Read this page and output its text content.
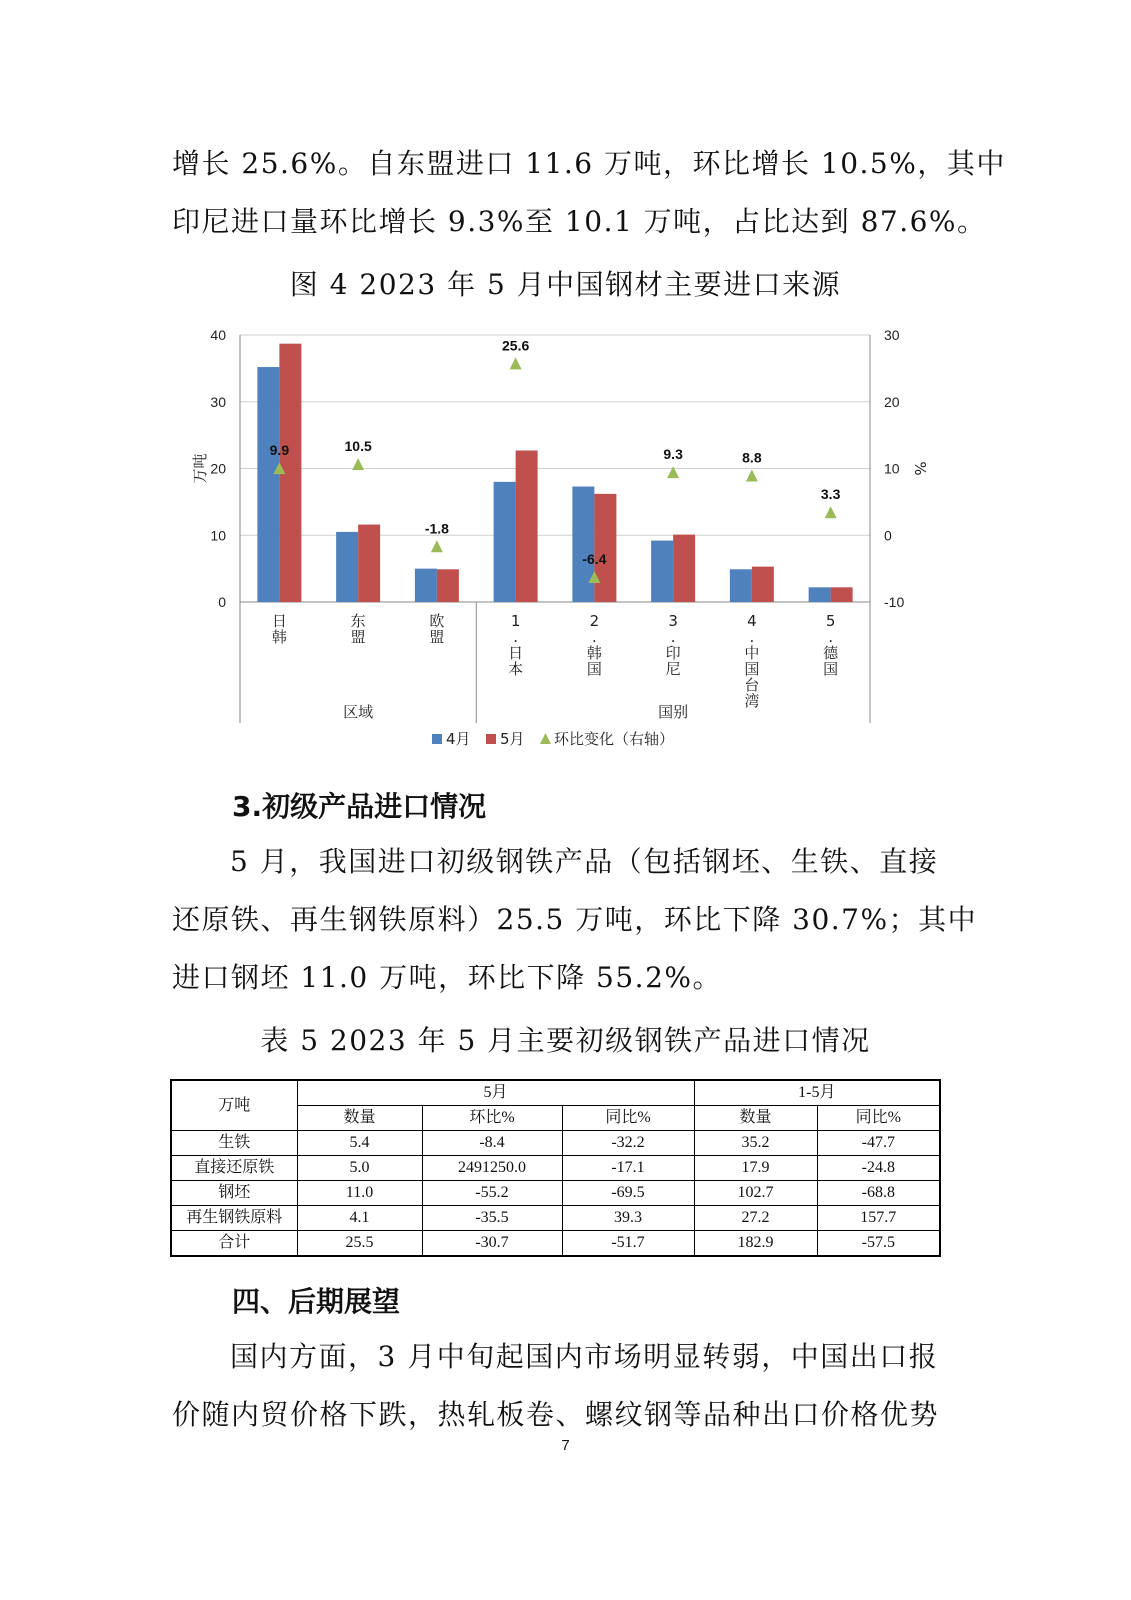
增长 25.6%。自东盟进口 11.6 万吨，环比增长 10.5%，其中
印尼进口量环比增长 9.3%至 10.1 万吨，占比达到 87.6%。
图 4 2023 年 5 月中国钢材主要进口来源
0
10
20
30
40
-10
0
10
20
30
万吨	%
9.9	10.5
-1.8
25.6
-6.4
9.3	8.8
3.3
日韩
东盟
欧盟
1 .日本
2 .韩国
3 .印尼
4 .中国台湾
5 .德国
区域	国别
4月 5月 环比变化（右轴）
3.初级产品进口情况
5 月，我国进口初级钢铁产品（包括钢坯、生铁、直接
还原铁、再生钢铁原料）25.5 万吨，环比下降 30.7%；其中
进口钢坯 11.0 万吨，环比下降 55.2%。
表 5 2023 年 5 月主要初级钢铁产品进口情况
万吨	5月			1-5月	
	数量	环比%	同比%	数量	同比%
生铁	5.4	-8.4	-32.2	35.2	-47.7
直接还原铁	5.0	2491250.0	-17.1	17.9	-24.8
钢坯	11.0	-55.2	-69.5	102.7	-68.8
再生钢铁原料	4.1	-35.5	39.3	27.2	157.7
合计	25.5	-30.7	-51.7	182.9	-57.5
四、后期展望
国内方面，3 月中旬起国内市场明显转弱，中国出口报
价随内贸价格下跌，热轧板卷、螺纹钢等品种出口价格优势
7
